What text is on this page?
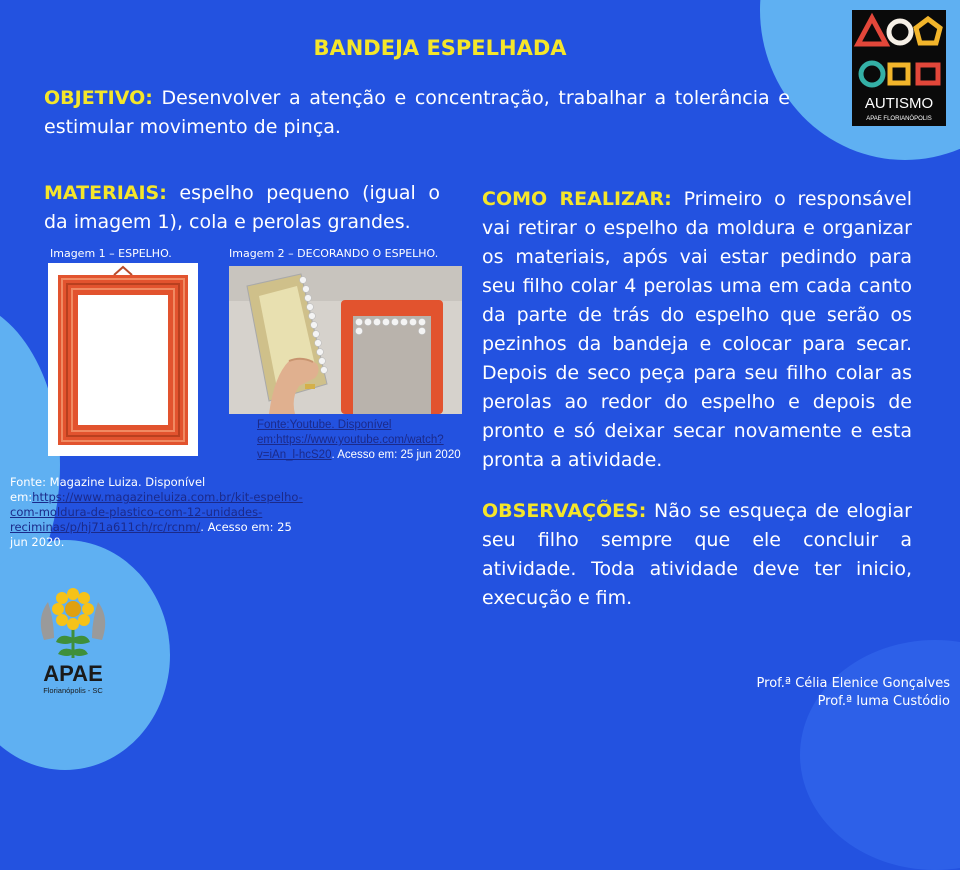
BANDEJA ESPELHADA
OBJETIVO: Desenvolver a atenção e concentração, trabalhar a tolerância e estimular movimento de pinça.
MATERIAIS: espelho pequeno (igual o da imagem 1), cola e perolas grandes.
Imagem 1 – ESPELHO.	Imagem 2 – DECORANDO O ESPELHO.
Fonte:Youtube. Disponível em:https://www.youtube.com/watch?v=iAn_l-hcS20. Acesso em: 25 jun 2020
Fonte: Magazine Luiza. Disponível em:https://www.magazineluiza.com.br/kit-espelho-com-moldura-de-plastico-com-12-unidades-reciminas/p/hj71a611ch/rc/rcnm/. Acesso em: 25 jun 2020.
COMO REALIZAR: Primeiro o responsável vai retirar o espelho da moldura e organizar os materiais, após vai estar pedindo para seu filho colar 4 perolas uma em cada canto da parte de trás do espelho que serão os pezinhos da bandeja e colocar para secar. Depois de seco peça para seu filho colar as perolas ao redor do espelho e depois de pronto e só deixar secar novamente e esta pronta a atividade.
OBSERVAÇÕES: Não se esqueça de elogiar seu filho sempre que ele concluir a atividade. Toda atividade deve ter inicio, execução e fim.
AUTISMO
APAE FLORIANÓPOLIS
APAE
Florianópolis - SC	Prof.ª Célia Elenice Gonçalves
Prof.ª Iuma Custódio
